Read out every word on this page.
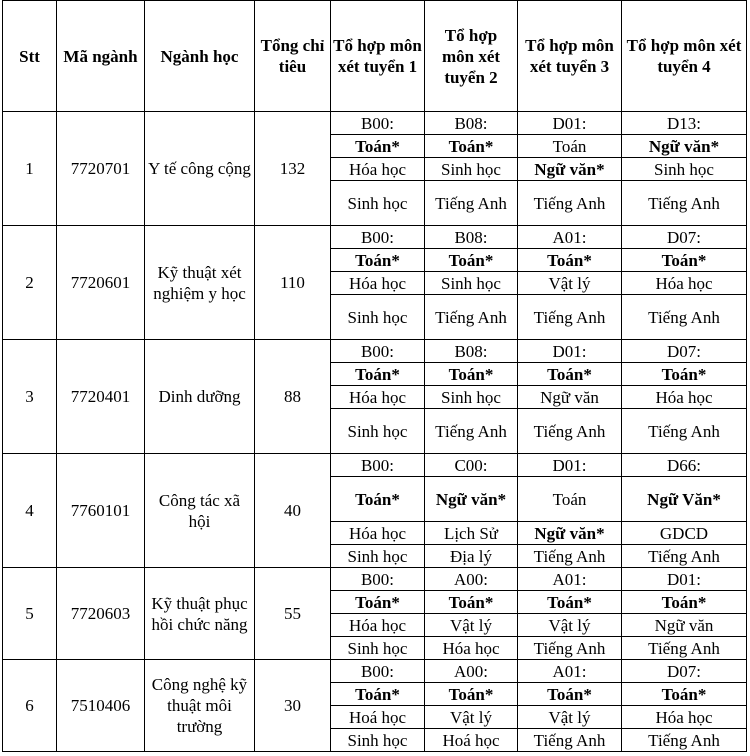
Stt	Mã ngành	Ngành học	Tổng chỉ tiêu	Tổ hợp môn xét tuyển 1	Tổ hợp môn xét tuyển 2	Tổ hợp môn xét tuyển 3	Tổ hợp môn xét tuyển 4
1	7720701	Y tế công cộng	132	B00:	B08:	D01:	D13:
				Toán*	Toán*	Toán	Ngữ văn*
				Hóa học	Sinh học	Ngữ văn*	Sinh học
				Sinh học	Tiếng Anh	Tiếng Anh	Tiếng Anh
2	7720601	Kỹ thuật xét nghiệm y học	110	B00:	B08:	A01:	D07:
				Toán*	Toán*	Toán*	Toán*
				Hóa học	Sinh học	Vật lý	Hóa học
				Sinh học	Tiếng Anh	Tiếng Anh	Tiếng Anh
3	7720401	Dinh dưỡng	88	B00:	B08:	D01:	D07:
				Toán*	Toán*	Toán*	Toán*
				Hóa học	Sinh học	Ngữ văn	Hóa học
				Sinh học	Tiếng Anh	Tiếng Anh	Tiếng Anh
4	7760101	Công tác xã hội	40	B00:	C00:	D01:	D66:
				Toán*	Ngữ văn*	Toán	Ngữ Văn*
				Hóa học	Lịch Sử	Ngữ văn*	GDCD
				Sinh học	Địa lý	Tiếng Anh	Tiếng Anh
5	7720603	Kỹ thuật phục hồi chức năng	55	B00:	A00:	A01:	D01:
				Toán*	Toán*	Toán*	Toán*
				Hóa học	Vật lý	Vật lý	Ngữ văn
				Sinh học	Hóa học	Tiếng Anh	Tiếng Anh
6	7510406	Công nghệ kỹ thuật môi trường	30	B00:	A00:	A01:	D07:
				Toán*	Toán*	Toán*	Toán*
				Hoá học	Vật lý	Vật lý	Hóa học
				Sinh học	Hoá học	Tiếng Anh	Tiếng Anh
